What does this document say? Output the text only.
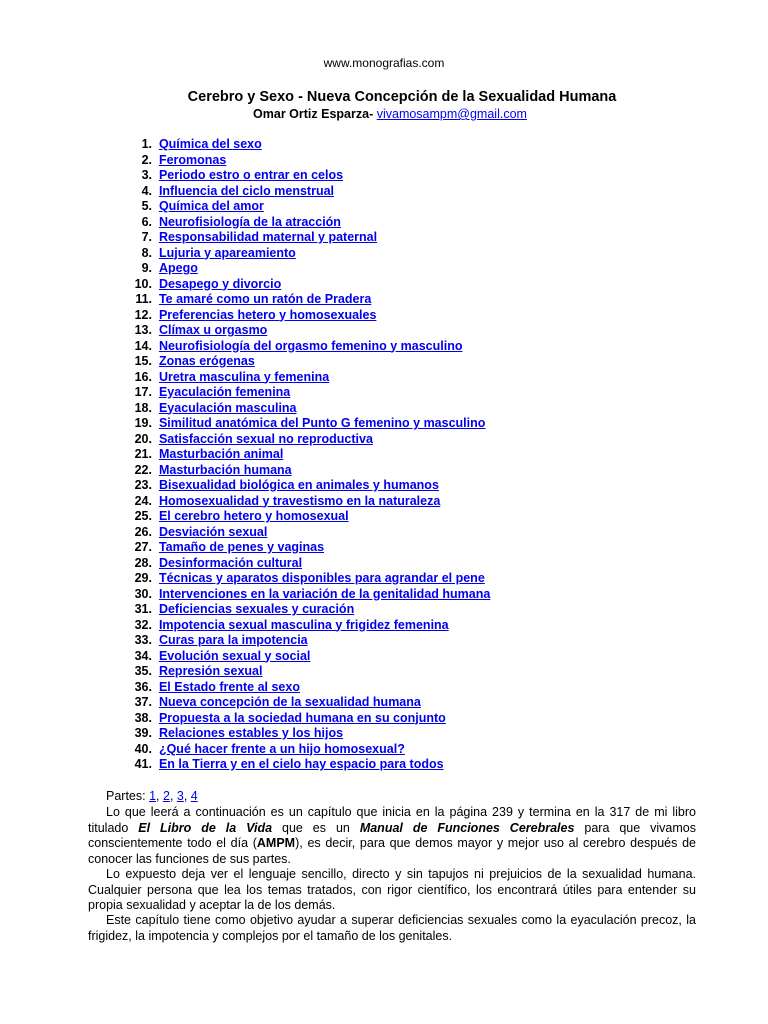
www.monografias.com
Cerebro y Sexo - Nueva Concepción de la Sexualidad Humana
Omar Ortiz Esparza- vivamosampm@gmail.com
1. Química del sexo
2. Feromonas
3. Periodo estro o entrar en celos
4. Influencia del ciclo menstrual
5. Química del amor
6. Neurofisiología de la atracción
7. Responsabilidad maternal y paternal
8. Lujuria y apareamiento
9. Apego
10. Desapego y divorcio
11. Te amaré como un ratón de Pradera
12. Preferencias hetero y homosexuales
13. Clímax u orgasmo
14. Neurofisiología del orgasmo femenino y masculino
15. Zonas erógenas
16. Uretra masculina y femenina
17. Eyaculación femenina
18. Eyaculación masculina
19. Similitud anatómica del Punto G femenino y masculino
20. Satisfacción sexual no reproductiva
21. Masturbación animal
22. Masturbación humana
23. Bisexualidad biológica en animales y humanos
24. Homosexualidad y travestismo en la naturaleza
25. El cerebro hetero y homosexual
26. Desviación sexual
27. Tamaño de penes y vaginas
28. Desinformación cultural
29. Técnicas y aparatos disponibles para agrandar el pene
30. Intervenciones en la variación de la genitalidad humana
31. Deficiencias sexuales y curación
32. Impotencia sexual masculina y frigidez femenina
33. Curas para la impotencia
34. Evolución sexual y social
35. Represión sexual
36. El Estado frente al sexo
37. Nueva concepción de la sexualidad humana
38. Propuesta a la sociedad humana en su conjunto
39. Relaciones estables y los hijos
40. ¿Qué hacer frente a un hijo homosexual?
41. En la Tierra y en el cielo hay espacio para todos
Partes: 1, 2, 3, 4
Lo que leerá a continuación es un capítulo que inicia en la página 239 y termina en la 317 de mi libro titulado El Libro de la Vida que es un Manual de Funciones Cerebrales para que vivamos conscientemente todo el día (AMPM), es decir, para que demos mayor y mejor uso al cerebro después de conocer las funciones de sus partes.
Lo expuesto deja ver el lenguaje sencillo, directo y sin tapujos ni prejuicios de la sexualidad humana. Cualquier persona que lea los temas tratados, con rigor científico, los encontrará útiles para entender su propia sexualidad y aceptar la de los demás.
Este capítulo tiene como objetivo ayudar a superar deficiencias sexuales como la eyaculación precoz, la frigidez, la impotencia y complejos por el tamaño de los genitales.
